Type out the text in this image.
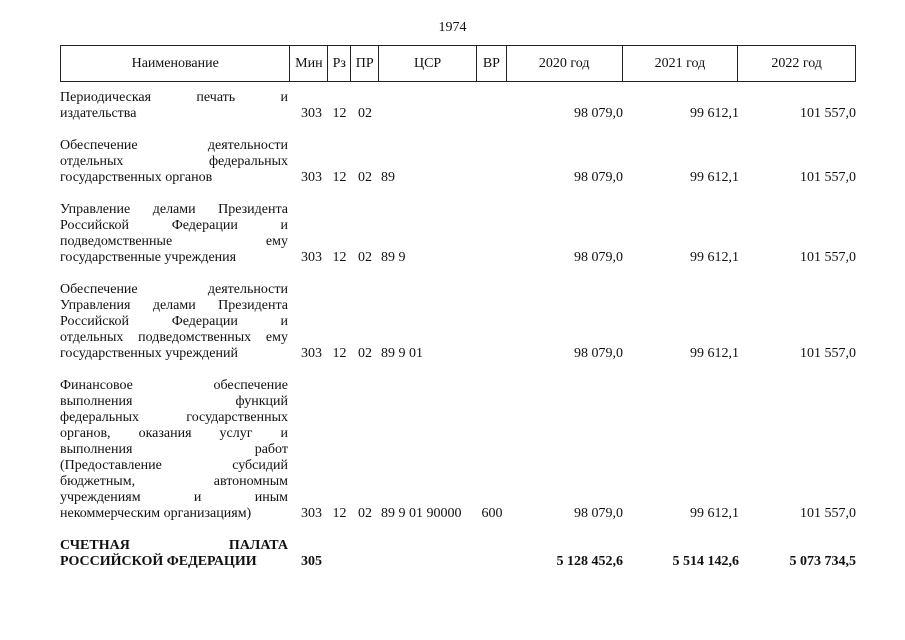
1974
Наименование	Мин Рз ПР	ЦСР	ВР	2020 год	2021 год	2022 год
Периодическая печать и
издательства	303 12 02	98 079,0	99 612,1	101 557,0
Обеспечение деятельности
отдельных федеральных
государственных органов	303 12 02 89	98 079,0	99 612,1	101 557,0
Управление делами Президента
Российской Федерации и
подведомственные ему
государственные учреждения	303 12 02 89 9	98 079,0	99 612,1	101 557,0
Обеспечение деятельности
Управления делами Президента
Российской Федерации и
отдельных подведомственных ему
государственных учреждений	303 12 02 89 9 01	98 079,0	99 612,1	101 557,0
Финансовое обеспечение
выполнения функций
федеральных государственных
органов, оказания услуг и
выполнения работ
(Предоставление субсидий
бюджетным, автономным
учреждениям и иным
некоммерческим организациям)	303 12 02 89 9 01 90000	600	98 079,0	99 612,1	101 557,0
СЧЕТНАЯ ПАЛАТА
РОССИЙСКОЙ ФЕДЕРАЦИИ	305	5 128 452,6	5 514 142,6	5 073 734,5
